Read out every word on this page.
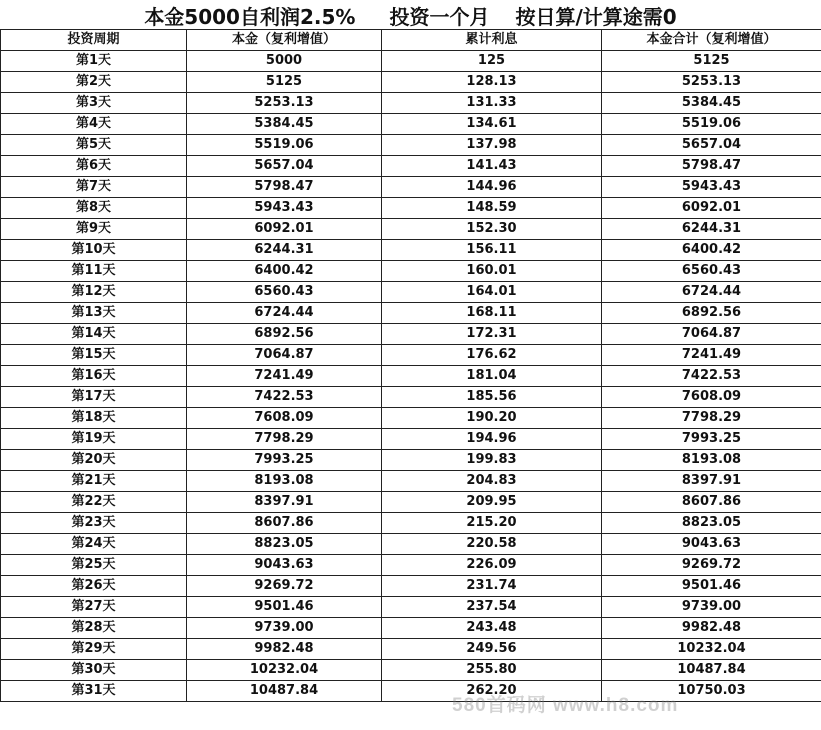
本金5000自利润2.5% 投资一个月 按日算/计算途需0
投资周期	本金（复利增值）	累计利息	本金合计（复利增值）
第1天	5000	125	5125
第2天	5125	128.13	5253.13
第3天	5253.13	131.33	5384.45
第4天	5384.45	134.61	5519.06
第5天	5519.06	137.98	5657.04
第6天	5657.04	141.43	5798.47
第7天	5798.47	144.96	5943.43
第8天	5943.43	148.59	6092.01
第9天	6092.01	152.30	6244.31
第10天	6244.31	156.11	6400.42
第11天	6400.42	160.01	6560.43
第12天	6560.43	164.01	6724.44
第13天	6724.44	168.11	6892.56
第14天	6892.56	172.31	7064.87
第15天	7064.87	176.62	7241.49
第16天	7241.49	181.04	7422.53
第17天	7422.53	185.56	7608.09
第18天	7608.09	190.20	7798.29
第19天	7798.29	194.96	7993.25
第20天	7993.25	199.83	8193.08
第21天	8193.08	204.83	8397.91
第22天	8397.91	209.95	8607.86
第23天	8607.86	215.20	8823.05
第24天	8823.05	220.58	9043.63
第25天	9043.63	226.09	9269.72
第26天	9269.72	231.74	9501.46
第27天	9501.46	237.54	9739.00
第28天	9739.00	243.48	9982.48
第29天	9982.48	249.56	10232.04
第30天	10232.04	255.80	10487.84
第31天	10487.84	262.20	10750.03
580首码网 www.h8.com
